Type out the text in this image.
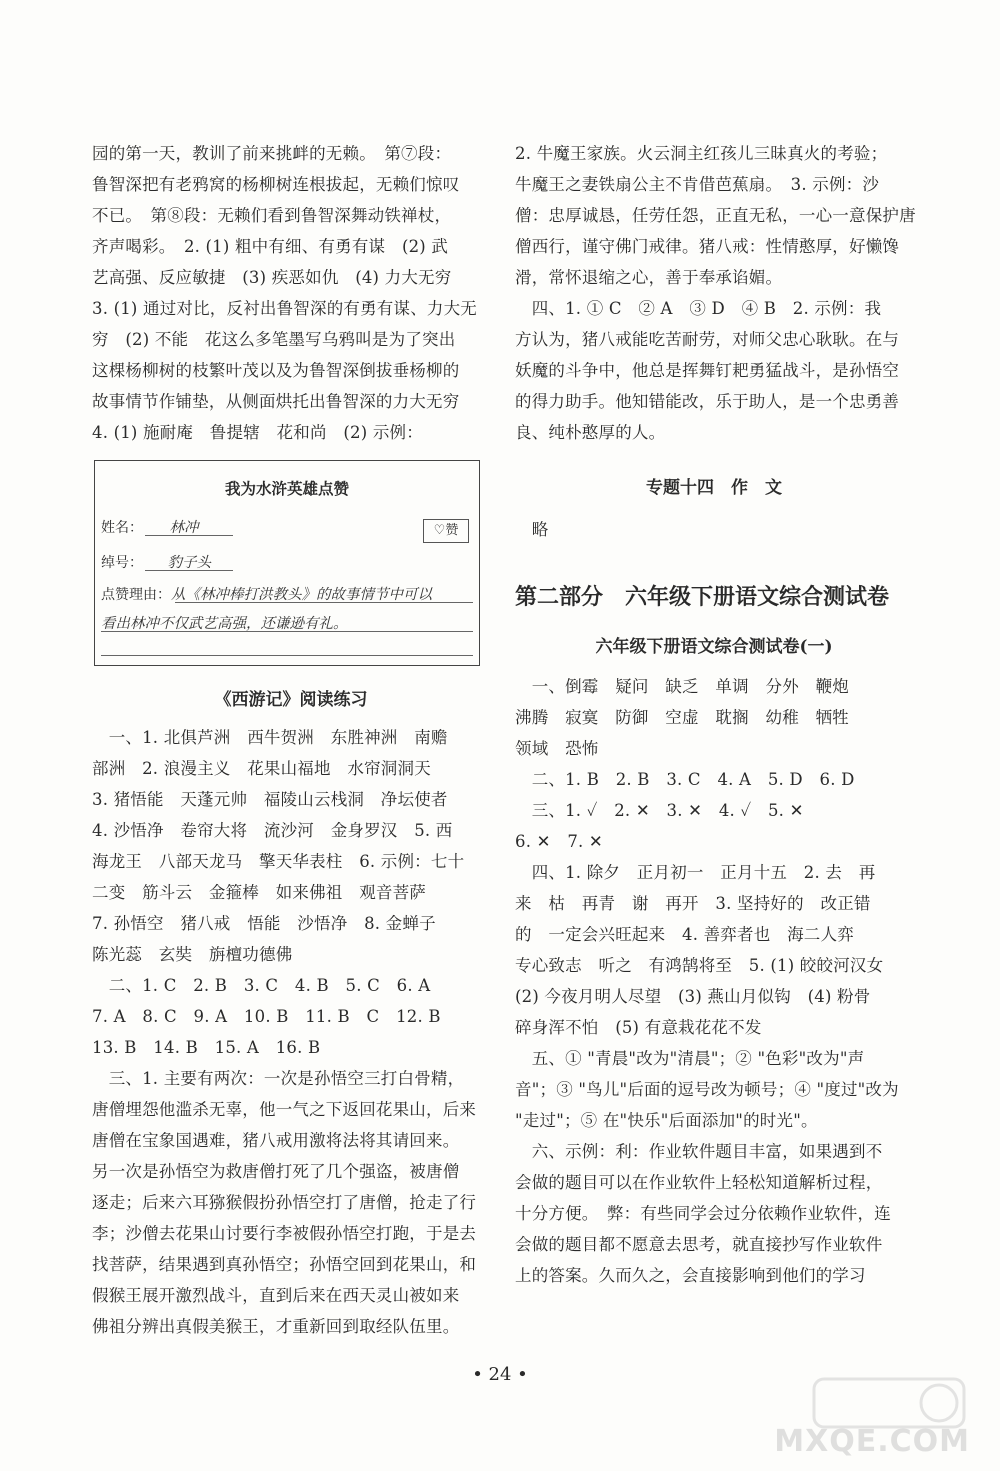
园的第一天，教训了前来挑衅的无赖。　第⑦段：

鲁智深把有老鸦窝的杨柳树连根拔起，无赖们惊叹

不已。　第⑧段：无赖们看到鲁智深舞动铁禅杖，

齐声喝彩。　2. (1) 粗中有细、有勇有谋　(2) 武

艺高强、反应敏捷　(3) 疾恶如仇　(4) 力大无穷

3. (1) 通过对比，反衬出鲁智深的有勇有谋、力大无

穷　(2) 不能　花这么多笔墨写乌鸦叫是为了突出

这棵杨柳树的枝繁叶茂以及为鲁智深倒拔垂杨柳的

故事情节作铺垫，从侧面烘托出鲁智深的力大无穷

4. (1) 施耐庵　鲁提辖　花和尚　(2) 示例：

我为水浒英雄点赞
♡赞
姓名： 林冲
绰号： 豹子头
点赞理由：从《林冲棒打洪教头》的故事情节中可以
看出林冲不仅武艺高强，还谦逊有礼。
《西游记》阅读练习

　一、1. 北俱芦洲　西牛贺洲　东胜神洲　南赡

部洲　2. 浪漫主义　花果山福地　水帘洞洞天

3. 猪悟能　天蓬元帅　福陵山云栈洞　净坛使者

4. 沙悟净　卷帘大将　流沙河　金身罗汉　5. 西

海龙王　八部天龙马　擎天华表柱　6. 示例：七十

二变　筋斗云　金箍棒　如来佛祖　观音菩萨

7. 孙悟空　猪八戒　悟能　沙悟净　8. 金蝉子

陈光蕊　玄奘　旃檀功德佛

　二、1. C　2. B　3. C　4. B　5. C　6. A

7. A　8. C　9. A　10. B　11. B　C　12. B

13. B　14. B　15. A　16. B

　三、1. 主要有两次：一次是孙悟空三打白骨精，

唐僧埋怨他滥杀无辜，他一气之下返回花果山，后来

唐僧在宝象国遇难，猪八戒用激将法将其请回来。

另一次是孙悟空为救唐僧打死了几个强盗，被唐僧

逐走；后来六耳猕猴假扮孙悟空打了唐僧，抢走了行

李；沙僧去花果山讨要行李被假孙悟空打跑，于是去

找菩萨，结果遇到真孙悟空；孙悟空回到花果山，和

假猴王展开激烈战斗，直到后来在西天灵山被如来

佛祖分辨出真假美猴王，才重新回到取经队伍里。

2. 牛魔王家族。火云洞主红孩儿三昧真火的考验；

牛魔王之妻铁扇公主不肯借芭蕉扇。　3. 示例：沙

僧：忠厚诚恳，任劳任怨，正直无私，一心一意保护唐

僧西行，谨守佛门戒律。猪八戒：性情憨厚，好懒馋

滑，常怀退缩之心，善于奉承谄媚。

　四、1. ① C　② A　③ D　④ B　2. 示例：我

方认为，猪八戒能吃苦耐劳，对师父忠心耿耿。在与

妖魔的斗争中，他总是挥舞钉耙勇猛战斗，是孙悟空

的得力助手。他知错能改，乐于助人，是一个忠勇善

良、纯朴憨厚的人。

专题十四　作　文

　略

第二部分　六年级下册语文综合测试卷
六年级下册语文综合测试卷(一)

　一、倒霉　疑问　缺乏　单调　分外　鞭炮

沸腾　寂寞　防御　空虚　耽搁　幼稚　牺牲

领域　恐怖

　二、1. B　2. B　3. C　4. A　5. D　6. D

　三、1. ✓　2. ✕　3. ✕　4. ✓　5. ✕

6. ✕　7. ✕

　四、1. 除夕　正月初一　正月十五　2. 去　再

来　枯　再青　谢　再开　3. 坚持好的　改正错

的　一定会兴旺起来　4. 善弈者也　海二人弈

专心致志　听之　有鸿鹄将至　5. (1) 皎皎河汉女

(2) 今夜月明人尽望　(3) 燕山月似钩　(4) 粉骨

碎身浑不怕　(5) 有意栽花花不发

　五、① "青晨"改为"清晨"；② "色彩"改为"声

音"；③ "鸟儿"后面的逗号改为顿号；④ "度过"改为

"走过"；⑤ 在"快乐"后面添加"的时光"。

　六、示例：利：作业软件题目丰富，如果遇到不

会做的题目可以在作业软件上轻松知道解析过程，

十分方便。　弊：有些同学会过分依赖作业软件，连

会做的题目都不愿意去思考，就直接抄写作业软件

上的答案。久而久之，会直接影响到他们的学习

• 24 •
MXQE.COM
